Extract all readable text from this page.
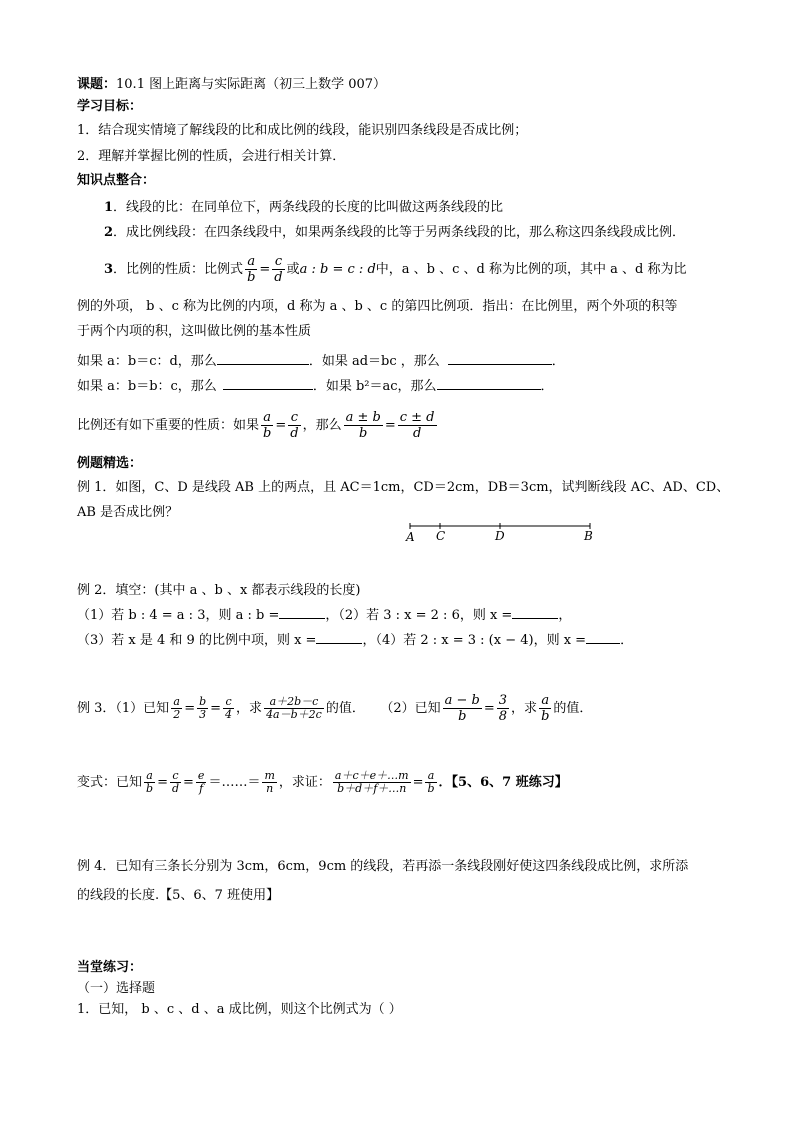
课题：10.1 图上距离与实际距离（初三上数学 007）
学习目标：
1．结合现实情境了解线段的比和成比例的线段，能识别四条线段是否成比例；
2．理解并掌握比例的性质，会进行相关计算．
知识点整合：
1．线段的比：在同单位下，两条线段的长度的比叫做这两条线段的比
2．成比例线段：在四条线段中，如果两条线段的比等于另两条线段的比，那么称这四条线段成比例．
3．比例的性质：比例式 $\frac{a}{b} = \frac{c}{d}$ 或a : b = c : d中，a 、b 、c 、d 称为比例的项，其中 a 、d 称为比
例的外项， b 、c 称为比例的内项，d 称为 a 、b 、c 的第四比例项．指出：在比例里，两个外项的积等
于两个内项的积，这叫做比例的基本性质
如果 a：b＝c：d，那么	．如果 ad＝bc ，那么	．
如果 a：b＝b：c，那么	．如果 b²＝ac，那么	．
比例还有如下重要的性质：如果 $\frac{a}{b} = \frac{c}{d}$ ，那么 $\frac{a \pm b}{b} = \frac{c \pm d}{d}$
例题精选：
例 1．如图，C、D 是线段 AB 上的两点，且 AC＝1cm，CD＝2cm，DB＝3cm，试判断线段 AC、AD、CD、
AB 是否成比例？
A C	D	B
例 2．填空：(其中 a 、b 、x 都表示线段的长度)
（1）若 b : 4 = a : 3，则 a : b =	，（2）若 3 : x = 2 : 6，则 x =	，
（3）若 x 是 4 和 9 的比例中项，则 x =	，（4）若 2 : x = 3 : (x − 4)，则 x =	．
例 3．（1）已知 $\frac{a}{2} = \frac{b}{3} = \frac{c}{4}$ ，求 $\frac{a+2b-c}{4a-b+2c}$ 的值． （2）已知 $\frac{a - b}{b} = \frac{3}{8}$ ，求 $\frac{a}{b}$ 的值．
变式：已知 $\frac{a}{b} = \frac{c}{d} = \frac{e}{f}$ ＝……＝ $\frac{m}{n}$ ，求证： $\frac{a+c+e+\dots m}{b+d+f+\dots n} = \frac{a}{b}$ ．【5、6、7 班练习】
例 4．已知有三条长分别为 3cm，6cm，9cm 的线段，若再添一条线段刚好使这四条线段成比例，求所添
的线段的长度.【5、6、7 班使用】
当堂练习：
（一）选择题
1．已知， b 、c 、d 、a 成比例，则这个比例式为（ ）
